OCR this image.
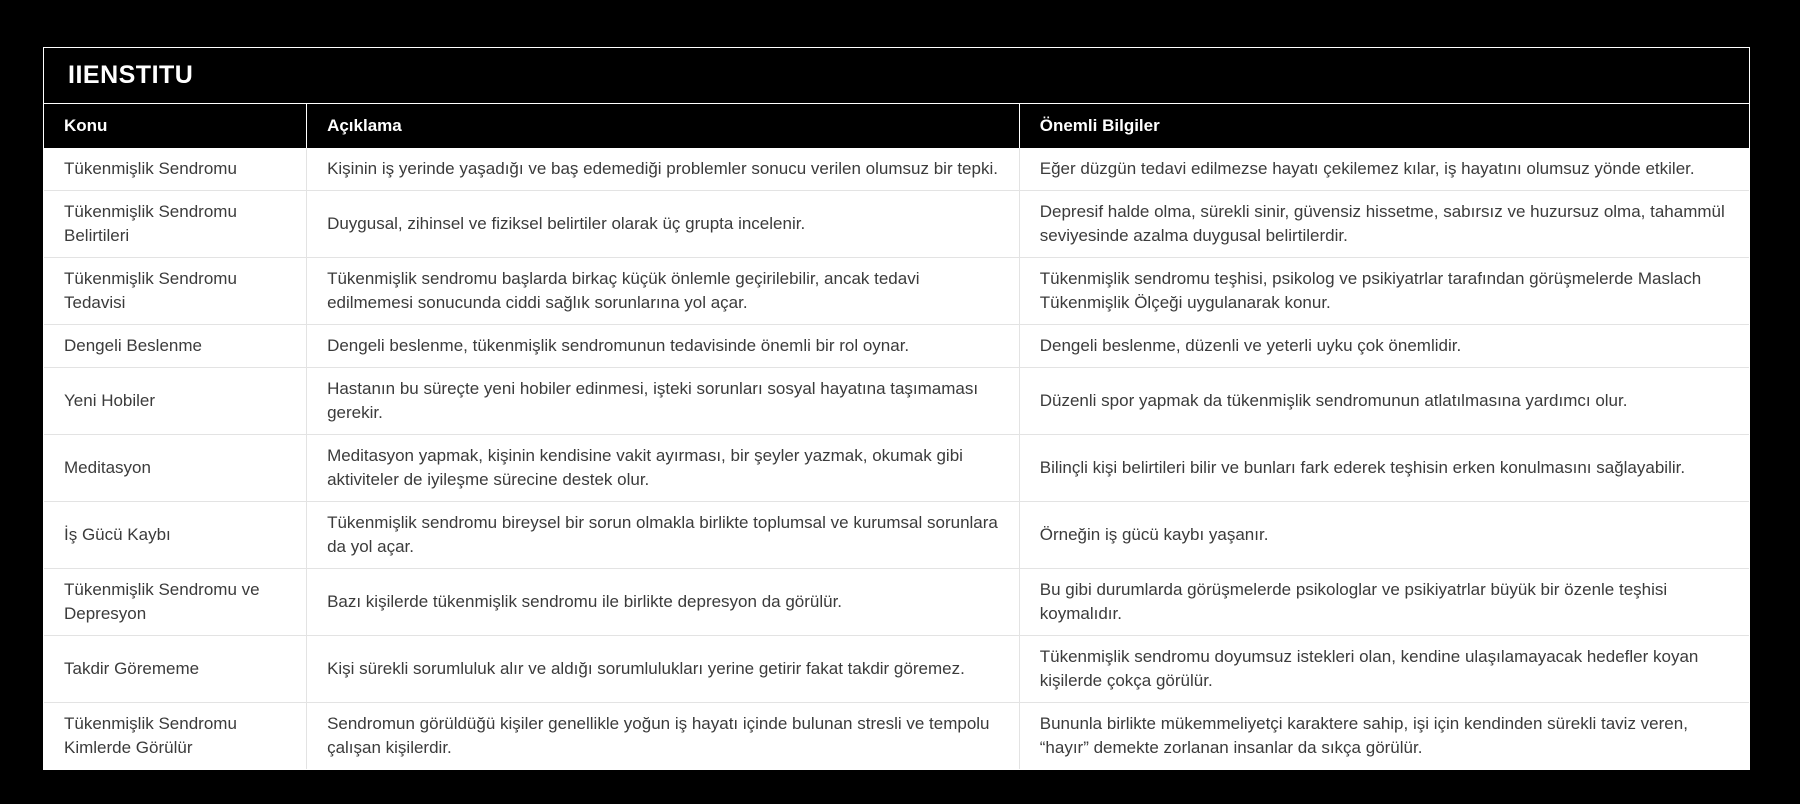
IIENSTITU
Konu	Açıklama	Önemli Bilgiler
Tükenmişlik Sendromu	Kişinin iş yerinde yaşadığı ve baş edemediği problemler sonucu verilen olumsuz bir tepki.	Eğer düzgün tedavi edilmezse hayatı çekilemez kılar, iş hayatını olumsuz yönde etkiler.
Tükenmişlik Sendromu Belirtileri	Duygusal, zihinsel ve fiziksel belirtiler olarak üç grupta incelenir.	Depresif halde olma, sürekli sinir, güvensiz hissetme, sabırsız ve huzursuz olma, tahammül seviyesinde azalma duygusal belirtilerdir.
Tükenmişlik Sendromu Tedavisi	Tükenmişlik sendromu başlarda birkaç küçük önlemle geçirilebilir, ancak tedavi edilmemesi sonucunda ciddi sağlık sorunlarına yol açar.	Tükenmişlik sendromu teşhisi, psikolog ve psikiyatrlar tarafından görüşmelerde Maslach Tükenmişlik Ölçeği uygulanarak konur.
Dengeli Beslenme	Dengeli beslenme, tükenmişlik sendromunun tedavisinde önemli bir rol oynar.	Dengeli beslenme, düzenli ve yeterli uyku çok önemlidir.
Yeni Hobiler	Hastanın bu süreçte yeni hobiler edinmesi, işteki sorunları sosyal hayatına taşımaması gerekir.	Düzenli spor yapmak da tükenmişlik sendromunun atlatılmasına yardımcı olur.
Meditasyon	Meditasyon yapmak, kişinin kendisine vakit ayırması, bir şeyler yazmak, okumak gibi aktiviteler de iyileşme sürecine destek olur.	Bilinçli kişi belirtileri bilir ve bunları fark ederek teşhisin erken konulmasını sağlayabilir.
İş Gücü Kaybı	Tükenmişlik sendromu bireysel bir sorun olmakla birlikte toplumsal ve kurumsal sorunlara da yol açar.	Örneğin iş gücü kaybı yaşanır.
Tükenmişlik Sendromu ve Depresyon	Bazı kişilerde tükenmişlik sendromu ile birlikte depresyon da görülür.	Bu gibi durumlarda görüşmelerde psikologlar ve psikiyatrlar büyük bir özenle teşhisi koymalıdır.
Takdir Görememe	Kişi sürekli sorumluluk alır ve aldığı sorumlulukları yerine getirir fakat takdir göremez.	Tükenmişlik sendromu doyumsuz istekleri olan, kendine ulaşılamayacak hedefler koyan kişilerde çokça görülür.
Tükenmişlik Sendromu Kimlerde Görülür	Sendromun görüldüğü kişiler genellikle yoğun iş hayatı içinde bulunan stresli ve tempolu çalışan kişilerdir.	Bununla birlikte mükemmeliyetçi karaktere sahip, işi için kendinden sürekli taviz veren, “hayır” demekte zorlanan insanlar da sıkça görülür.
